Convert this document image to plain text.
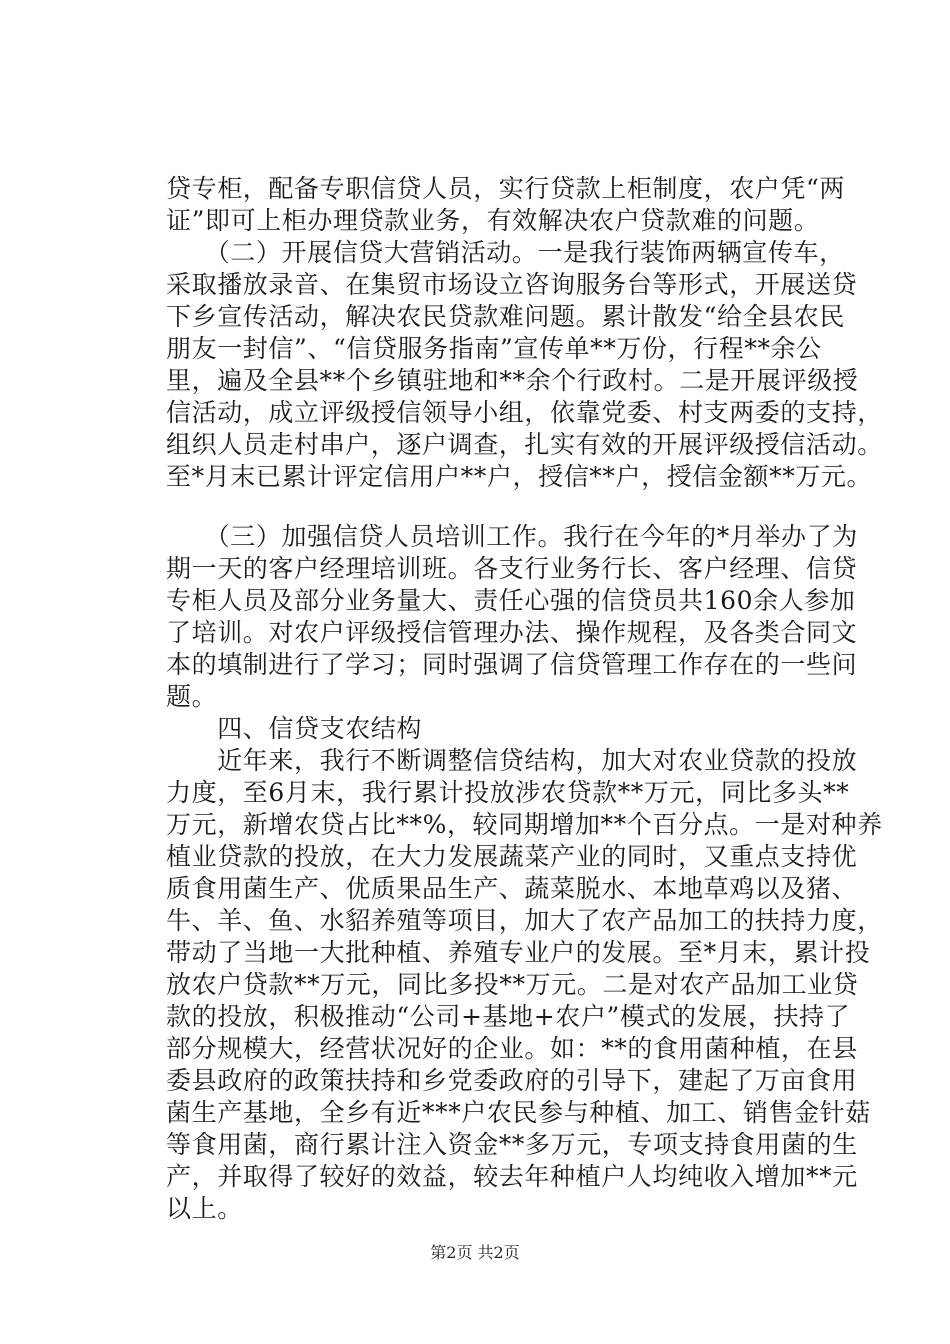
贷专柜，配备专职信贷人员，实行贷款上柜制度，农户凭“两
证”即可上柜办理贷款业务，有效解决农户贷款难的问题。
　　（二）开展信贷大营销活动。一是我行装饰两辆宣传车，
采取播放录音、在集贸市场设立咨询服务台等形式，开展送贷
下乡宣传活动，解决农民贷款难问题。累计散发“给全县农民
朋友一封信”、“信贷服务指南”宣传单**万份，行程**余公
里，遍及全县**个乡镇驻地和**余个行政村。二是开展评级授
信活动，成立评级授信领导小组，依靠党委、村支两委的支持，
组织人员走村串户，逐户调查，扎实有效的开展评级授信活动。
至*月末已累计评定信用户**户，授信**户，授信金额**万元。
　　（三）加强信贷人员培训工作。我行在今年的*月举办了为
期一天的客户经理培训班。各支行业务行长、客户经理、信贷
专柜人员及部分业务量大、责任心强的信贷员共160余人参加
了培训。对农户评级授信管理办法、操作规程，及各类合同文
本的填制进行了学习；同时强调了信贷管理工作存在的一些问
题。
　　四、信贷支农结构
　　近年来，我行不断调整信贷结构，加大对农业贷款的投放
力度，至6月末，我行累计投放涉农贷款**万元，同比多头**
万元，新增农贷占比**%，较同期增加**个百分点。一是对种养
植业贷款的投放，在大力发展蔬菜产业的同时，又重点支持优
质食用菌生产、优质果品生产、蔬菜脱水、本地草鸡以及猪、
牛、羊、鱼、水貂养殖等项目，加大了农产品加工的扶持力度，
带动了当地一大批种植、养殖专业户的发展。至*月末，累计投
放农户贷款**万元，同比多投**万元。二是对农产品加工业贷
款的投放，积极推动“公司+基地+农户”模式的发展，扶持了
部分规模大，经营状况好的企业。如：**的食用菌种植，在县
委县政府的政策扶持和乡党委政府的引导下，建起了万亩食用
菌生产基地，全乡有近***户农民参与种植、加工、销售金针菇
等食用菌，商行累计注入资金**多万元，专项支持食用菌的生
产，并取得了较好的效益，较去年种植户人均纯收入增加**元
以上。
第2页 共2页
